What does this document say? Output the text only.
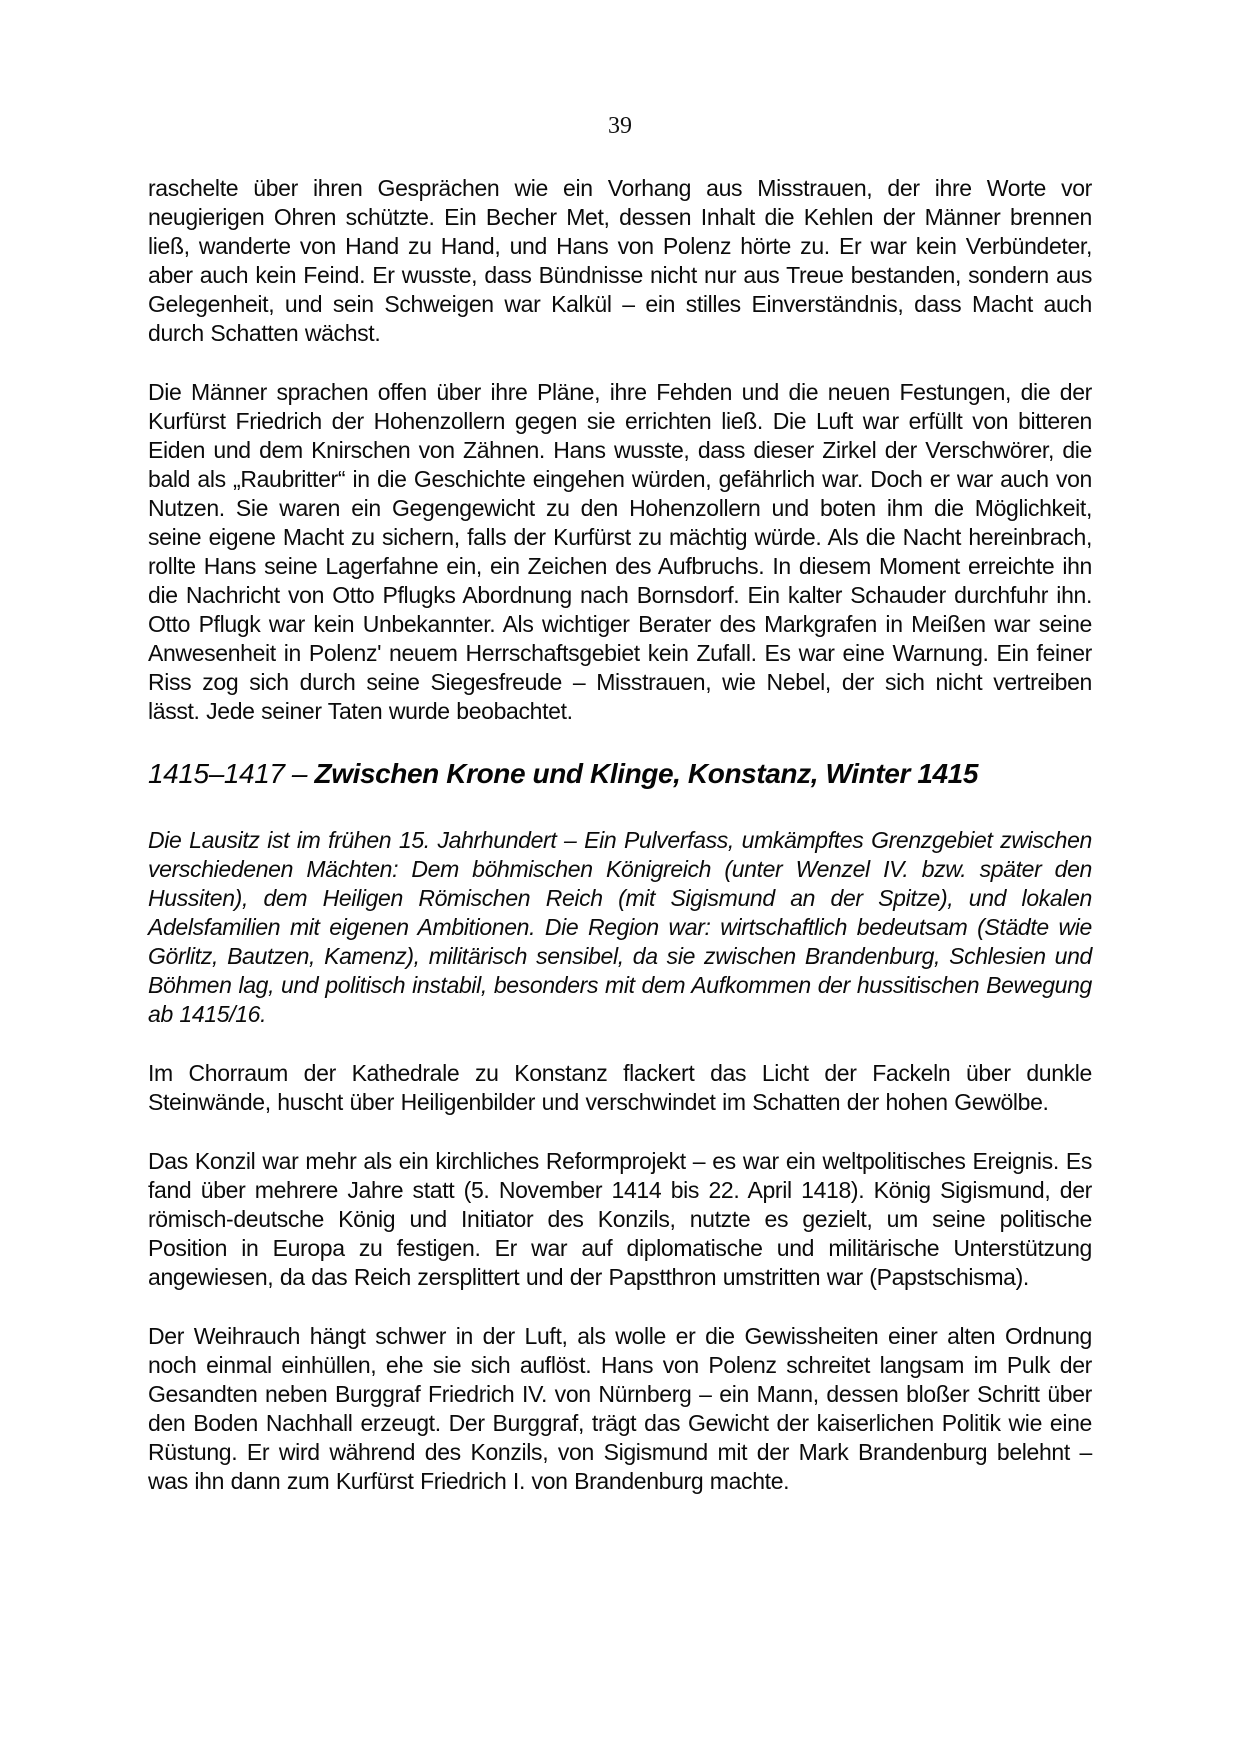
39

raschelte über ihren Gesprächen wie ein Vorhang aus Misstrauen, der ihre Worte vor neugierigen Ohren schützte. Ein Becher Met, dessen Inhalt die Kehlen der Männer brennen ließ, wanderte von Hand zu Hand, und Hans von Polenz hörte zu. Er war kein Verbündeter, aber auch kein Feind. Er wusste, dass Bündnisse nicht nur aus Treue bestanden, sondern aus Gelegenheit, und sein Schweigen war Kalkül – ein stilles Einverständnis, dass Macht auch durch Schatten wächst.

Die Männer sprachen offen über ihre Pläne, ihre Fehden und die neuen Festungen, die der Kurfürst Friedrich der Hohenzollern gegen sie errichten ließ. Die Luft war erfüllt von bitteren Eiden und dem Knirschen von Zähnen. Hans wusste, dass dieser Zirkel der Verschwörer, die bald als „Raubritter“ in die Geschichte eingehen würden, gefährlich war. Doch er war auch von Nutzen. Sie waren ein Gegengewicht zu den Hohenzollern und boten ihm die Möglichkeit, seine eigene Macht zu sichern, falls der Kurfürst zu mächtig würde. Als die Nacht hereinbrach, rollte Hans seine Lagerfahne ein, ein Zeichen des Aufbruchs. In diesem Moment erreichte ihn die Nachricht von Otto Pflugks Abordnung nach Bornsdorf. Ein kalter Schauder durchfuhr ihn. Otto Pflugk war kein Unbekannter. Als wichtiger Berater des Markgrafen in Meißen war seine Anwesenheit in Polenz' neuem Herrschaftsgebiet kein Zufall. Es war eine Warnung. Ein feiner Riss zog sich durch seine Siegesfreude – Misstrauen, wie Nebel, der sich nicht vertreiben lässt. Jede seiner Taten wurde beobachtet.

1415–1417 – Zwischen Krone und Klinge, Konstanz, Winter 1415

Die Lausitz ist im frühen 15. Jahrhundert – Ein Pulverfass, umkämpftes Grenzgebiet zwischen verschiedenen Mächten: Dem böhmischen Königreich (unter Wenzel IV. bzw. später den Hussiten), dem Heiligen Römischen Reich (mit Sigismund an der Spitze), und lokalen Adelsfamilien mit eigenen Ambitionen. Die Region war: wirtschaftlich bedeutsam (Städte wie Görlitz, Bautzen, Kamenz), militärisch sensibel, da sie zwischen Brandenburg, Schlesien und Böhmen lag, und politisch instabil, besonders mit dem Aufkommen der hussitischen Bewegung ab 1415/16.

Im Chorraum der Kathedrale zu Konstanz flackert das Licht der Fackeln über dunkle Steinwände, huscht über Heiligenbilder und verschwindet im Schatten der hohen Gewölbe.

Das Konzil war mehr als ein kirchliches Reformprojekt – es war ein weltpolitisches Ereignis. Es fand über mehrere Jahre statt (5. November 1414 bis 22. April 1418). König Sigismund, der römisch-deutsche König und Initiator des Konzils, nutzte es gezielt, um seine politische Position in Europa zu festigen. Er war auf diplomatische und militärische Unterstützung angewiesen, da das Reich zersplittert und der Papstthron umstritten war (Papstschisma).

Der Weihrauch hängt schwer in der Luft, als wolle er die Gewissheiten einer alten Ordnung noch einmal einhüllen, ehe sie sich auflöst. Hans von Polenz schreitet langsam im Pulk der Gesandten neben Burggraf Friedrich IV. von Nürnberg – ein Mann, dessen bloßer Schritt über den Boden Nachhall erzeugt. Der Burggraf, trägt das Gewicht der kaiserlichen Politik wie eine Rüstung. Er wird während des Konzils, von Sigismund mit der Mark Brandenburg belehnt – was ihn dann zum Kurfürst Friedrich I. von Brandenburg machte.
